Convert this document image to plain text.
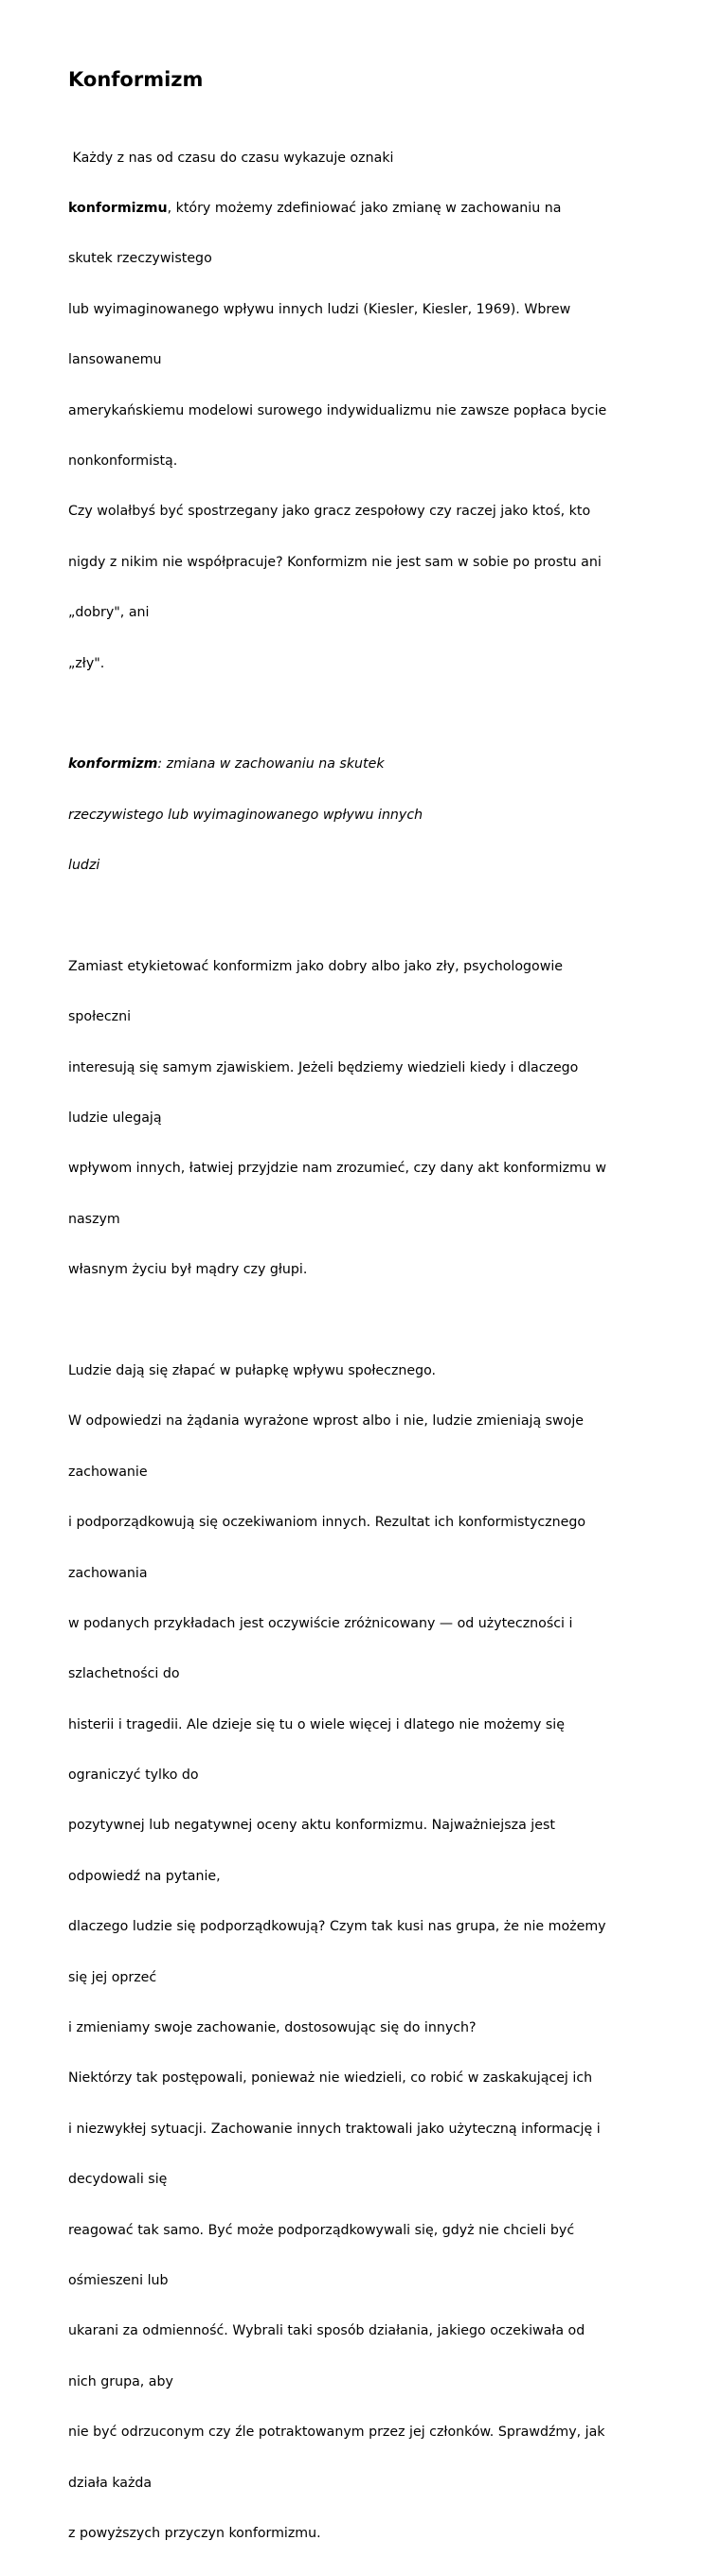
Konformizm

Każdy z nas od czasu do czasu wykazuje oznaki

konformizmu, który możemy zdefiniować jako zmianę w zachowaniu na

skutek rzeczywistego

lub wyimaginowanego wpływu innych ludzi (Kiesler, Kiesler, 1969). Wbrew

lansowanemu

amerykańskiemu modelowi surowego indywidualizmu nie zawsze popłaca bycie

nonkonformistą.

Czy wolałbyś być spostrzegany jako gracz zespołowy czy raczej jako ktoś, kto

nigdy z nikim nie współpracuje? Konformizm nie jest sam w sobie po prostu ani

„dobry", ani

„zły".

konformizm: zmiana w zachowaniu na skutek

rzeczywistego lub wyimaginowanego wpływu innych

ludzi

Zamiast etykietować konformizm jako dobry albo jako zły, psychologowie

społeczni

interesują się samym zjawiskiem. Jeżeli będziemy wiedzieli kiedy i dlaczego

ludzie ulegają

wpływom innych, łatwiej przyjdzie nam zrozumieć, czy dany akt konformizmu w

naszym

własnym życiu był mądry czy głupi.

Ludzie dają się złapać w pułapkę wpływu społecznego.

W odpowiedzi na żądania wyrażone wprost albo i nie, ludzie zmieniają swoje

zachowanie

i podporządkowują się oczekiwaniom innych. Rezultat ich konformistycznego

zachowania

w podanych przykładach jest oczywiście zróżnicowany — od użyteczności i

szlachetności do

histerii i tragedii. Ale dzieje się tu o wiele więcej i dlatego nie możemy się

ograniczyć tylko do

pozytywnej lub negatywnej oceny aktu konformizmu. Najważniejsza jest

odpowiedź na pytanie,

dlaczego ludzie się podporządkowują? Czym tak kusi nas grupa, że nie możemy

się jej oprzeć

i zmieniamy swoje zachowanie, dostosowując się do innych?

Niektórzy tak postępowali, ponieważ nie wiedzieli, co robić w zaskakującej ich

i niezwykłej sytuacji. Zachowanie innych traktowali jako użyteczną informację i

decydowali się

reagować tak samo. Być może podporządkowywali się, gdyż nie chcieli być

ośmieszeni lub

ukarani za odmienność. Wybrali taki sposób działania, jakiego oczekiwała od

nich grupa, aby

nie być odrzuconym czy źle potraktowanym przez jej członków. Sprawdźmy, jak

działa każda

z powyższych przyczyn konformizmu.
